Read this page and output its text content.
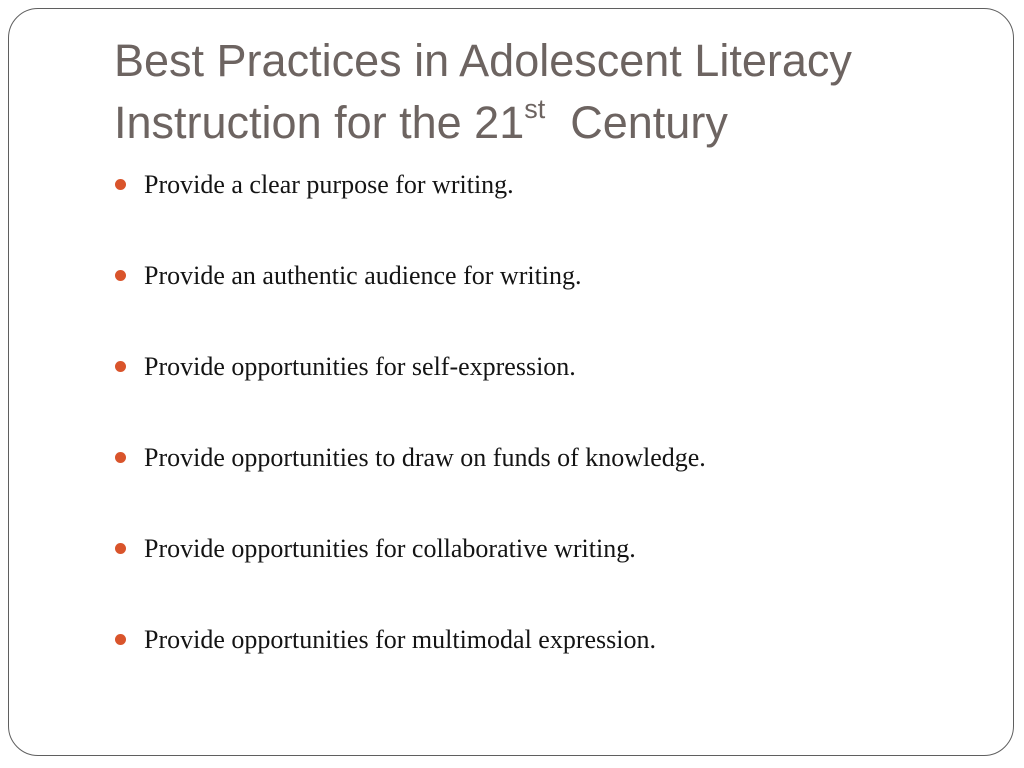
Best Practices in Adolescent Literacy
Instruction for the 21st  Century
Provide a clear purpose for writing.
Provide an authentic audience for writing.
Provide opportunities for self-expression.
Provide opportunities to draw on funds of knowledge.
Provide opportunities for collaborative writing.
Provide opportunities for multimodal expression.
